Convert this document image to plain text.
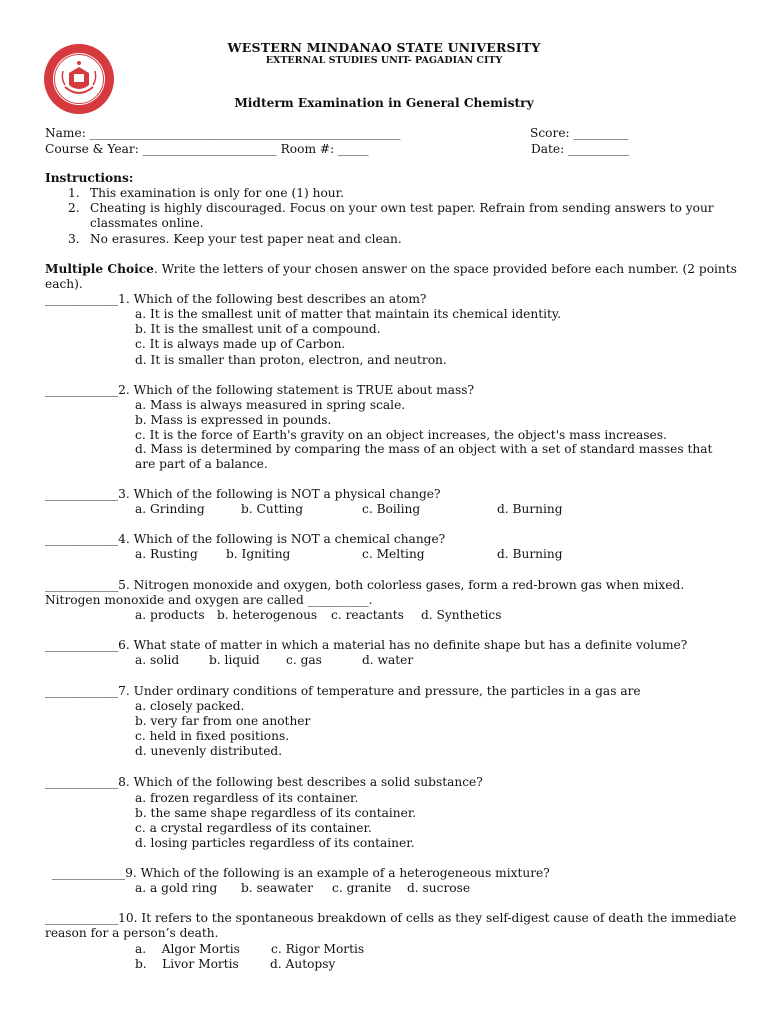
WESTERN MINDANAO STATE UNIVERSITY
EXTERNAL STUDIES UNIT- PAGADIAN CITY
Midterm Examination in General Chemistry
Name: ___________________________________________________	Score: _________
Course & Year: ______________________ Room #: _____	Date: __________
Instructions:
1. This examination is only for one (1) hour.
2. Cheating is highly discouraged. Focus on your own test paper. Refrain from sending answers to your
classmates online.
3. No erasures. Keep your test paper neat and clean.
Multiple Choice. Write the letters of your chosen answer on the space provided before each number. (2 points
each).
____________1. Which of the following best describes an atom?
a. It is the smallest unit of matter that maintain its chemical identity.
b. It is the smallest unit of a compound.
c. It is always made up of Carbon.
d. It is smaller than proton, electron, and neutron.
____________2. Which of the following statement is TRUE about mass?
a. Mass is always measured in spring scale.
b. Mass is expressed in pounds.
c. It is the force of Earth's gravity on an object increases, the object's mass increases.
d. Mass is determined by comparing the mass of an object with a set of standard masses that
are part of a balance.
____________3. Which of the following is NOT a physical change?
a. Grinding	b. Cutting	c. Boiling	d. Burning
____________4. Which of the following is NOT a chemical change?
a. Rusting b. Igniting	c. Melting	d. Burning
____________5. Nitrogen monoxide and oxygen, both colorless gases, form a red-brown gas when mixed.
Nitrogen monoxide and oxygen are called __________.
a. products b. heterogenous c. reactants d. Synthetics
____________6. What state of matter in which a material has no definite shape but has a definite volume?
a. solid b. liquid c. gas	d. water
____________7. Under ordinary conditions of temperature and pressure, the particles in a gas are
a. closely packed.
b. very far from one another
c. held in fixed positions.
d. unevenly distributed.
____________8. Which of the following best describes a solid substance?
a. frozen regardless of its container.
b. the same shape regardless of its container.
c. a crystal regardless of its container.
d. losing particles regardless of its container.
____________9. Which of the following is an example of a heterogeneous mixture?
a. a gold ring b. seawater c. granite d. sucrose
____________10. It refers to the spontaneous breakdown of cells as they self-digest cause of death the immediate
reason for a person’s death.
a.    Algor Mortis	c. Rigor Mortis
b.    Livor Mortis	d. Autopsy
